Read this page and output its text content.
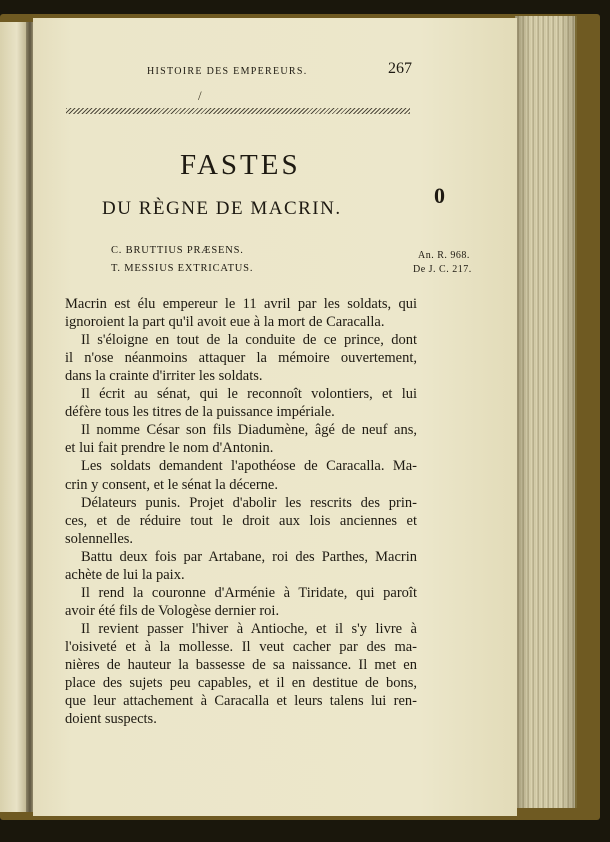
HISTOIRE DES EMPEREURS.	267
/
FASTES
DU RÈGNE DE MACRIN.
0
C. BRUTTIUS PRÆSENS.
T. MESSIUS EXTRICATUS.
An. R. 968.
De J. C. 217.
Macrin est élu empereur le 11 avril par les soldats, qui
ignoroient la part qu'il avoit eue à la mort de Caracalla.
Il s'éloigne en tout de la conduite de ce prince, dont
il n'ose néanmoins attaquer la mémoire ouvertement,
dans la crainte d'irriter les soldats.
Il écrit au sénat, qui le reconnoît volontiers, et lui
défère tous les titres de la puissance impériale.
Il nomme César son fils Diadumène, âgé de neuf ans,
et lui fait prendre le nom d'Antonin.
Les soldats demandent l'apothéose de Caracalla. Ma-
crin y consent, et le sénat la décerne.
Délateurs punis. Projet d'abolir les rescrits des prin-
ces, et de réduire tout le droit aux lois anciennes et
solennelles.
Battu deux fois par Artabane, roi des Parthes, Macrin
achète de lui la paix.
Il rend la couronne d'Arménie à Tiridate, qui paroît
avoir été fils de Vologèse dernier roi.
Il revient passer l'hiver à Antioche, et il s'y livre à
l'oisiveté et à la mollesse. Il veut cacher par des ma-
nières de hauteur la bassesse de sa naissance. Il met en
place des sujets peu capables, et il en destitue de bons,
que leur attachement à Caracalla et leurs talens lui ren-
doient suspects.
